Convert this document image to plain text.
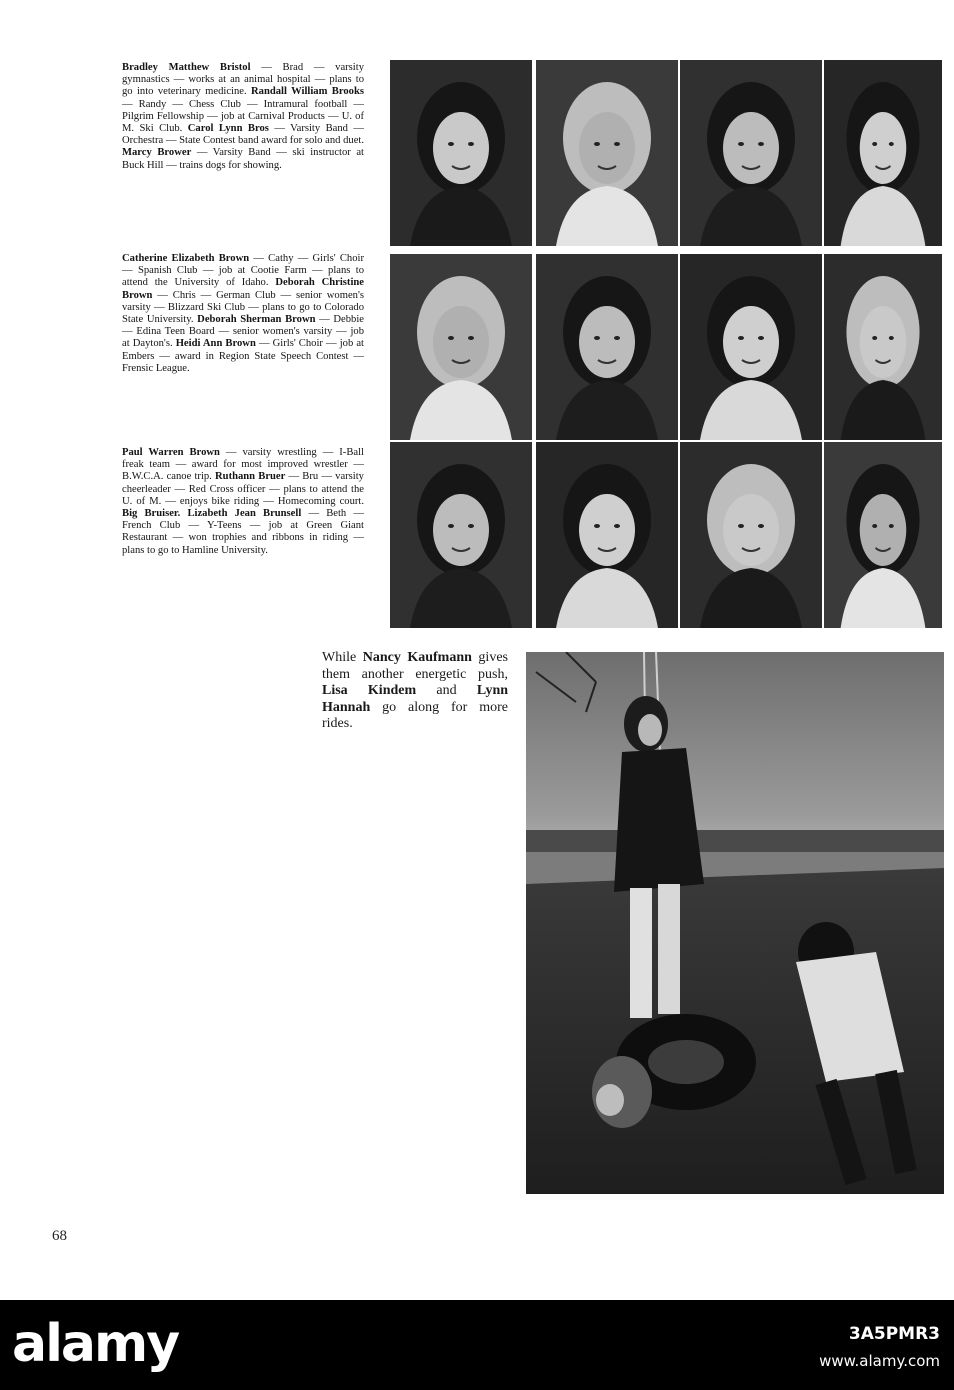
Bradley Matthew Bristol — Brad — varsity gymnastics — works at an animal hospital — plans to go into veterinary medicine. Randall William Brooks — Randy — Chess Club — Intramural football — Pilgrim Fellowship — job at Carnival Products — U. of M. Ski Club. Carol Lynn Bros — Varsity Band — Orchestra — State Contest band award for solo and duet. Marcy Brower — Varsity Band — ski instructor at Buck Hill — trains dogs for showing.
Catherine Elizabeth Brown — Cathy — Girls' Choir — Spanish Club — job at Cootie Farm — plans to attend the University of Idaho. Deborah Christine Brown — Chris — German Club — senior women's varsity — Blizzard Ski Club — plans to go to Colorado State University. Deborah Sherman Brown — Debbie — Edina Teen Board — senior women's varsity — job at Dayton's. Heidi Ann Brown — Girls' Choir — job at Embers — award in Region State Speech Contest — Frensic League.
Paul Warren Brown — varsity wrestling — I-Ball freak team — award for most improved wrestler — B.W.C.A. canoe trip. Ruthann Bruer — Bru — varsity cheerleader — Red Cross officer — plans to attend the U. of M. — enjoys bike riding — Homecoming court. Big Bruiser. Lizabeth Jean Brunsell — Beth — French Club — Y-Teens — job at Green Giant Restaurant — won trophies and ribbons in riding — plans to go to Hamline University.
While Nancy Kaufmann gives them another energetic push, Lisa Kindem and Lynn Hannah go along for more rides.
68
alamy	3A5PMR3
www.alamy.com
